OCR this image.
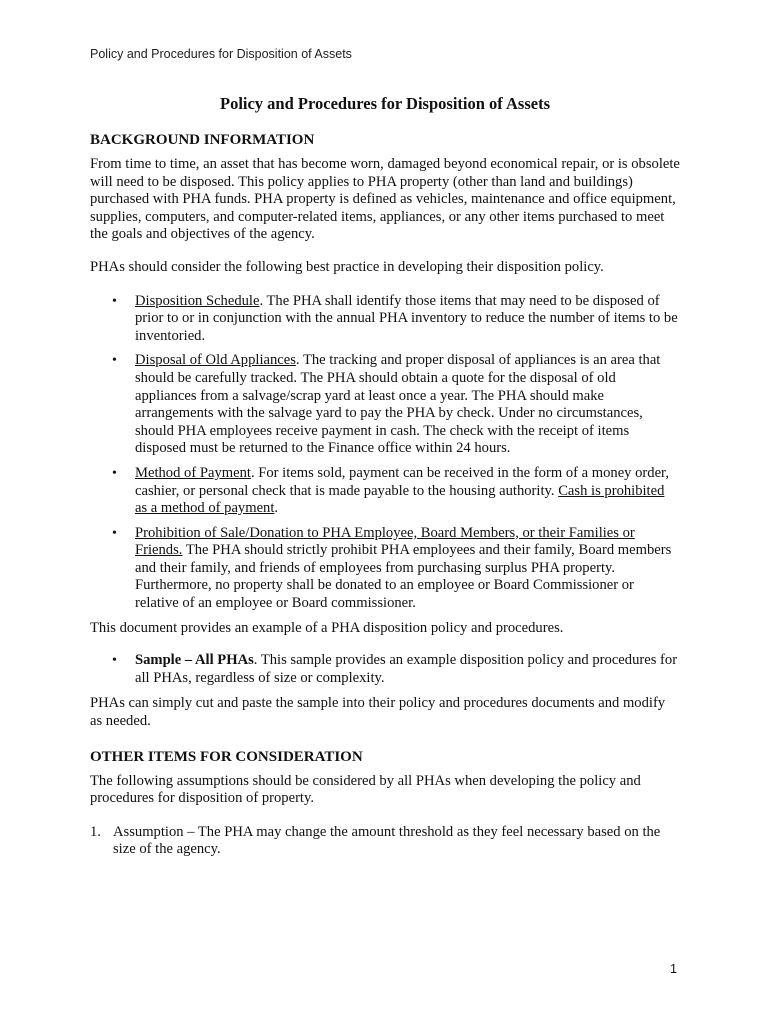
Policy and Procedures for Disposition of Assets
Policy and Procedures for Disposition of Assets
BACKGROUND INFORMATION

From time to time, an asset that has become worn, damaged beyond economical repair, or is obsolete will need to be disposed. This policy applies to PHA property (other than land and buildings) purchased with PHA funds. PHA property is defined as vehicles, maintenance and office equipment, supplies, computers, and computer-related items, appliances, or any other items purchased to meet the goals and objectives of the agency.

PHAs should consider the following best practice in developing their disposition policy.

• Disposition Schedule. The PHA shall identify those items that may need to be disposed of prior to or in conjunction with the annual PHA inventory to reduce the number of items to be inventoried.
• Disposal of Old Appliances. The tracking and proper disposal of appliances is an area that should be carefully tracked. The PHA should obtain a quote for the disposal of old appliances from a salvage/scrap yard at least once a year. The PHA should make arrangements with the salvage yard to pay the PHA by check. Under no circumstances, should PHA employees receive payment in cash. The check with the receipt of items disposed must be returned to the Finance office within 24 hours.
• Method of Payment. For items sold, payment can be received in the form of a money order, cashier, or personal check that is made payable to the housing authority. Cash is prohibited as a method of payment.
• Prohibition of Sale/Donation to PHA Employee, Board Members, or their Families or Friends. The PHA should strictly prohibit PHA employees and their family, Board members and their family, and friends of employees from purchasing surplus PHA property. Furthermore, no property shall be donated to an employee or Board Commissioner or relative of an employee or Board commissioner.

This document provides an example of a PHA disposition policy and procedures.

• Sample – All PHAs. This sample provides an example disposition policy and procedures for all PHAs, regardless of size or complexity.

PHAs can simply cut and paste the sample into their policy and procedures documents and modify as needed.

OTHER ITEMS FOR CONSIDERATION

The following assumptions should be considered by all PHAs when developing the policy and procedures for disposition of property.

1. Assumption – The PHA may change the amount threshold as they feel necessary based on the size of the agency.
1
